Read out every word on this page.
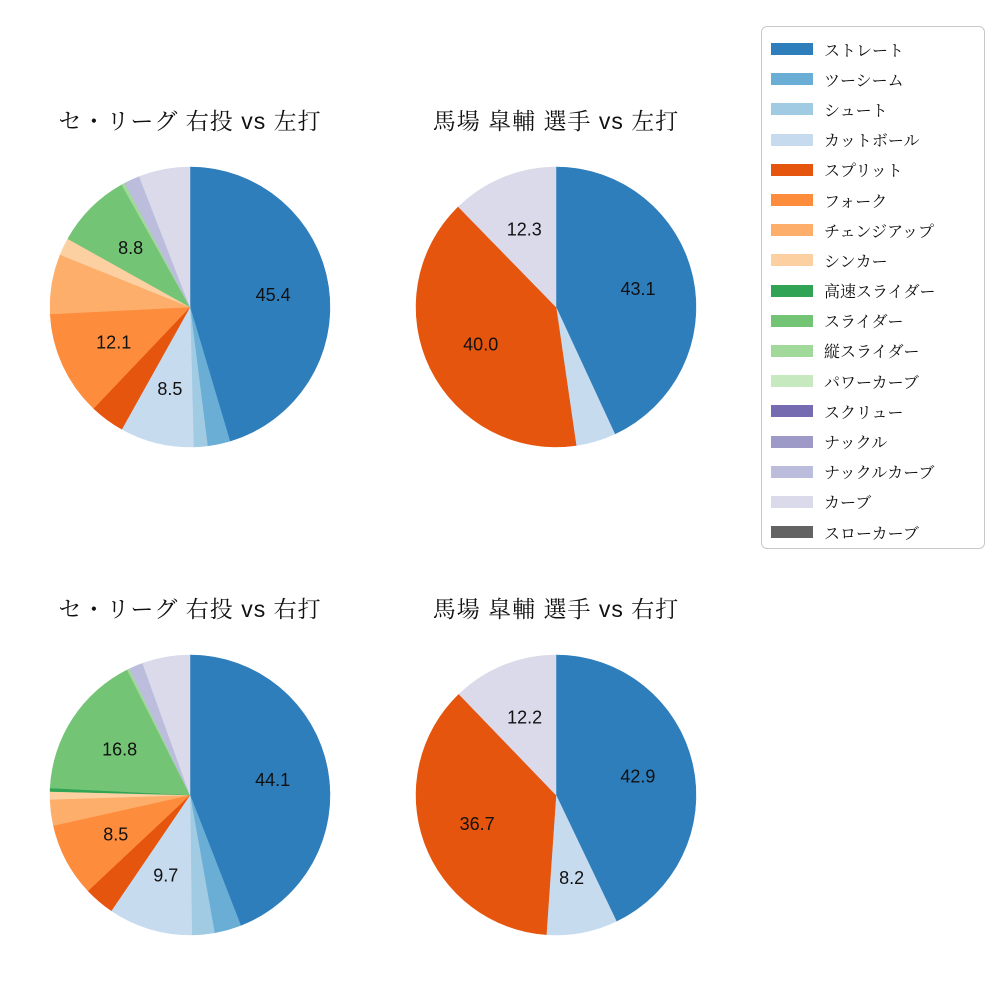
セ・リーグ 右投 vs 左打
45.4
8.5
12.1
8.8
馬場 皐輔 選手 vs 左打
43.1
40.0
12.3
セ・リーグ 右投 vs 右打
44.1
9.7
8.5
16.8
馬場 皐輔 選手 vs 右打
42.9
8.2
36.7
12.2
ストレート
ツーシーム
シュート
カットボール
スプリット
フォーク
チェンジアップ
シンカー
高速スライダー
スライダー
縦スライダー
パワーカーブ
スクリュー
ナックル
ナックルカーブ
カーブ
スローカーブ
